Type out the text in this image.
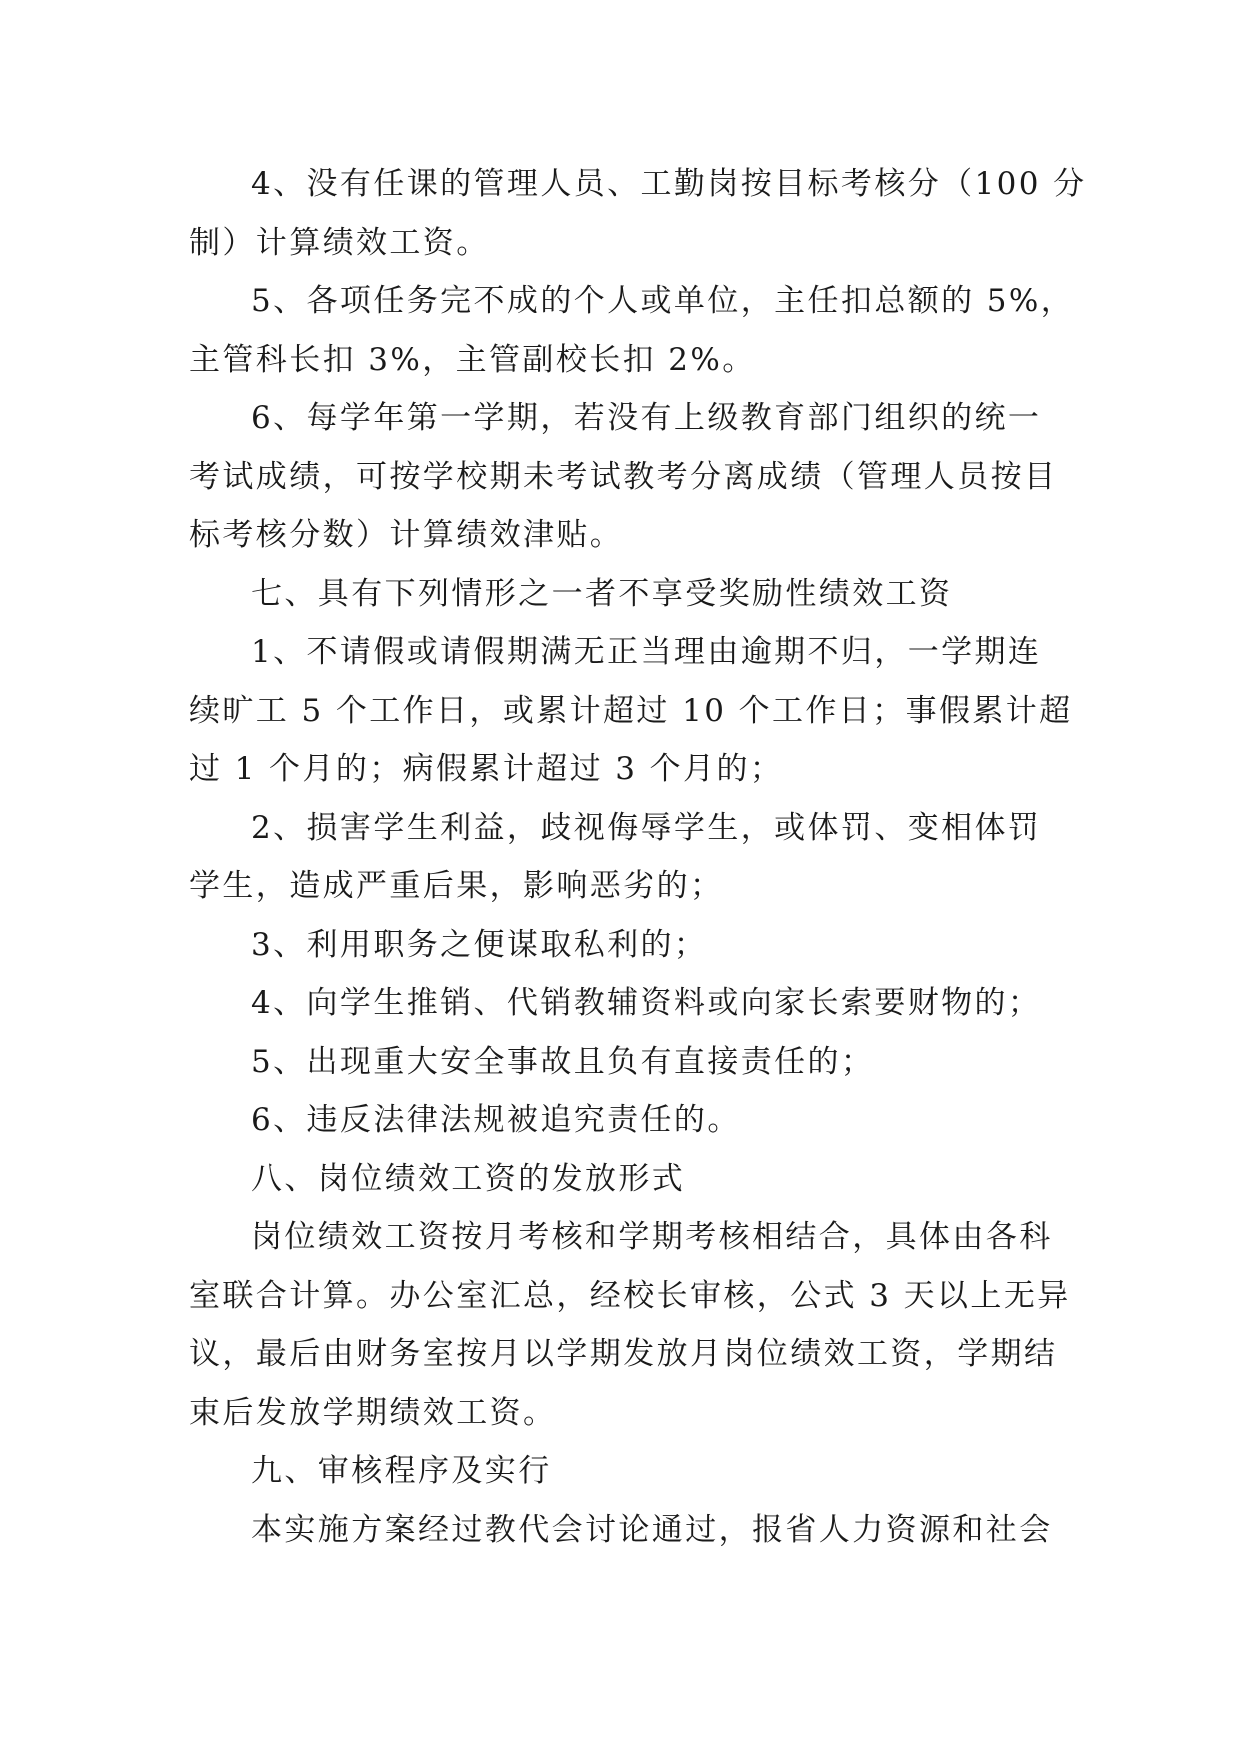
4、没有任课的管理人员、工勤岗按目标考核分（100 分
制）计算绩效工资。

5、各项任务完不成的个人或单位，主任扣总额的 5%，
主管科长扣 3%，主管副校长扣 2%。

6、每学年第一学期，若没有上级教育部门组织的统一
考试成绩，可按学校期未考试教考分离成绩（管理人员按目
标考核分数）计算绩效津贴。

七、具有下列情形之一者不享受奖励性绩效工资

1、不请假或请假期满无正当理由逾期不归，一学期连
续旷工 5 个工作日，或累计超过 10 个工作日；事假累计超
过 1 个月的；病假累计超过 3 个月的；

2、损害学生利益，歧视侮辱学生，或体罚、变相体罚
学生，造成严重后果，影响恶劣的；

3、利用职务之便谋取私利的；

4、向学生推销、代销教辅资料或向家长索要财物的；

5、出现重大安全事故且负有直接责任的；

6、违反法律法规被追究责任的。

八、岗位绩效工资的发放形式

岗位绩效工资按月考核和学期考核相结合，具体由各科
室联合计算。办公室汇总，经校长审核，公式 3 天以上无异
议，最后由财务室按月以学期发放月岗位绩效工资，学期结
束后发放学期绩效工资。

九、审核程序及实行

本实施方案经过教代会讨论通过，报省人力资源和社会
